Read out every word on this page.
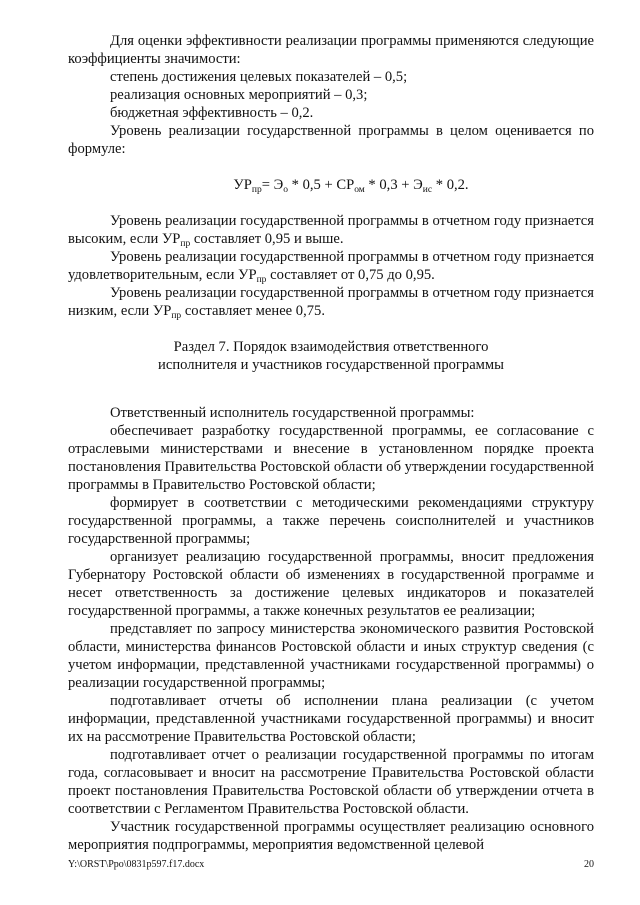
Для оценки эффективности реализации программы применяются следующие коэффициенты значимости:

степень достижения целевых показателей – 0,5;

реализация основных мероприятий – 0,3;

бюджетная эффективность – 0,2.

Уровень реализации государственной программы в целом оценивается по формуле:

$УР_{пр}= Э_о * 0,5 + СР_{ом} * 0,3 + Э_{ис} * 0,2$.

Уровень реализации государственной программы в отчетном году признается высоким, если $УР_{пр}$ составляет 0,95 и выше.

Уровень реализации государственной программы в отчетном году признается удовлетворительным, если $УР_{пр}$ составляет от 0,75 до 0,95.

Уровень реализации государственной программы в отчетном году признается низким, если $УР_{пр}$ составляет менее 0,75.

Раздел 7. Порядок взаимодействия ответственного

исполнителя и участников государственной программы

Ответственный исполнитель государственной программы:

обеспечивает разработку государственной программы, ее согласование с отраслевыми министерствами и внесение в установленном порядке проекта постановления Правительства Ростовской области об утверждении государственной программы в Правительство Ростовской области;

формирует в соответствии с методическими рекомендациями структуру государственной программы, а также перечень соисполнителей и участников государственной программы;

организует реализацию государственной программы, вносит предложения Губернатору Ростовской области об изменениях в государственной программе и несет ответственность за достижение целевых индикаторов и показателей государственной программы, а также конечных результатов ее реализации;

представляет по запросу министерства экономического развития Ростовской области, министерства финансов Ростовской области и иных структур сведения (с учетом информации, представленной участниками государственной программы) о реализации государственной программы;

подготавливает отчеты об исполнении плана реализации (с учетом информации, представленной участниками государственной программы) и вносит их на рассмотрение Правительства Ростовской области;

подготавливает отчет о реализации государственной программы по итогам года, согласовывает и вносит на рассмотрение Правительства Ростовской области проект постановления Правительства Ростовской области об утверждении отчета в соответствии с Регламентом Правительства Ростовской области.

Участник государственной программы осуществляет реализацию основного мероприятия подпрограммы, мероприятия ведомственной целевой

Y:\ORST\Ppo\0831p597.f17.docx	20
